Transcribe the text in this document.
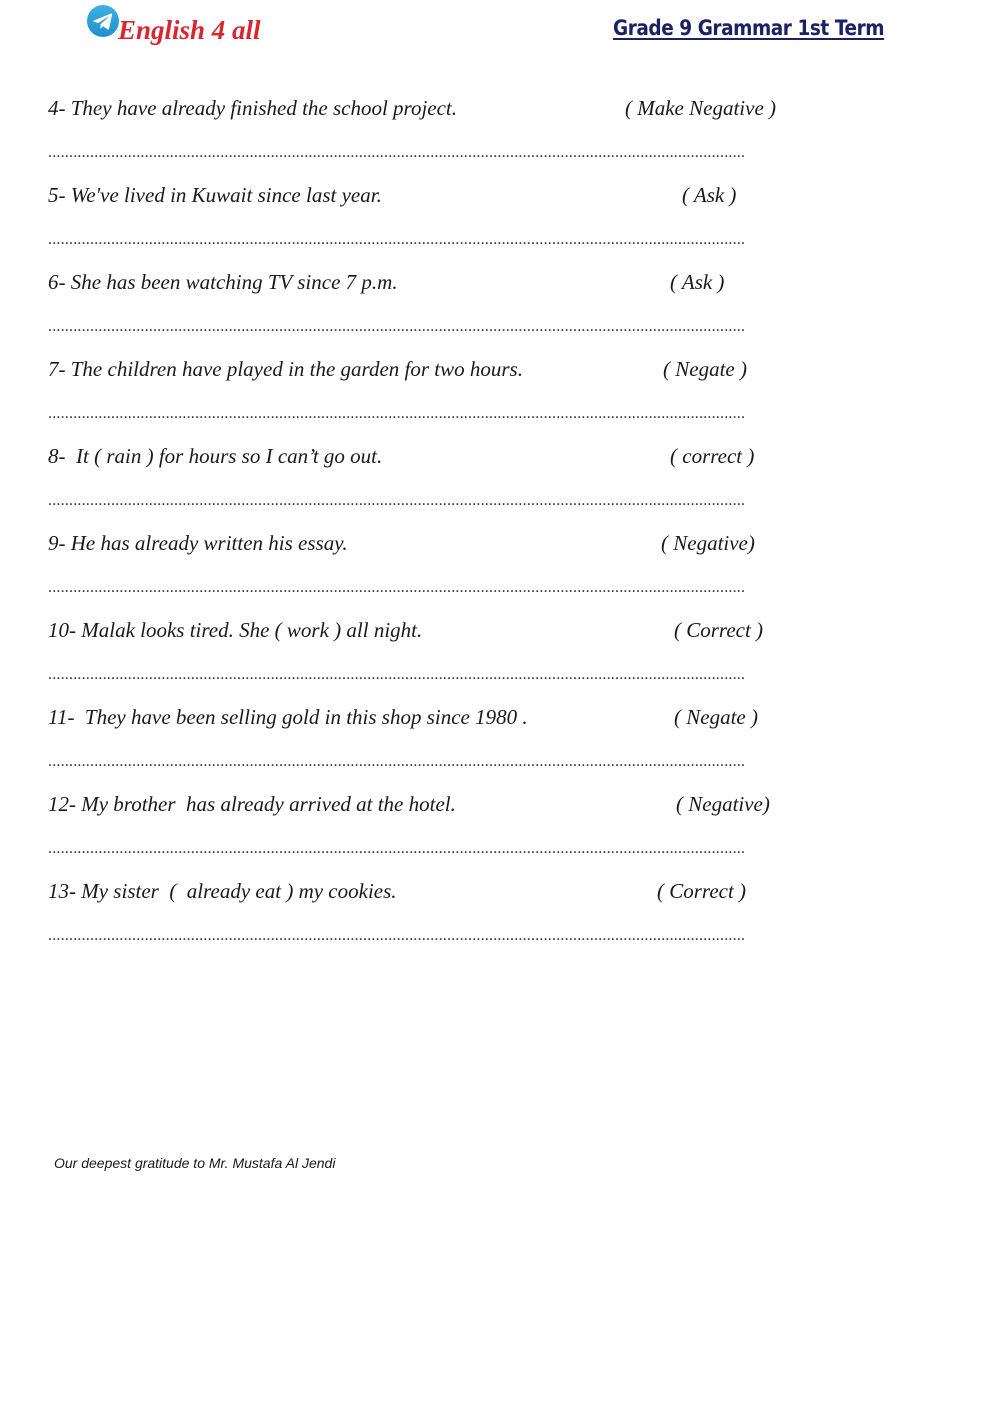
English 4 all	Grade 9 Grammar 1st Term
4- They have already finished the school project.	( Make Negative )
......................................................................................................................................................................
5- We've lived in Kuwait since last year.	( Ask )
......................................................................................................................................................................
6- She has been watching TV since 7 p.m.	( Ask )
......................................................................................................................................................................
7- The children have played in the garden for two hours.	( Negate )
......................................................................................................................................................................
8-  It ( rain ) for hours so I can’t go out.	( correct )
......................................................................................................................................................................
9- He has already written his essay.	( Negative)
......................................................................................................................................................................
10- Malak looks tired. She ( work ) all night.	( Correct )
......................................................................................................................................................................
11-  They have been selling gold in this shop since 1980 .	( Negate )
......................................................................................................................................................................
12- My brother  has already arrived at the hotel.	( Negative)
......................................................................................................................................................................
13- My sister  (  already eat ) my cookies.	( Correct )
......................................................................................................................................................................
Our deepest gratitude to Mr. Mustafa Al Jendi
